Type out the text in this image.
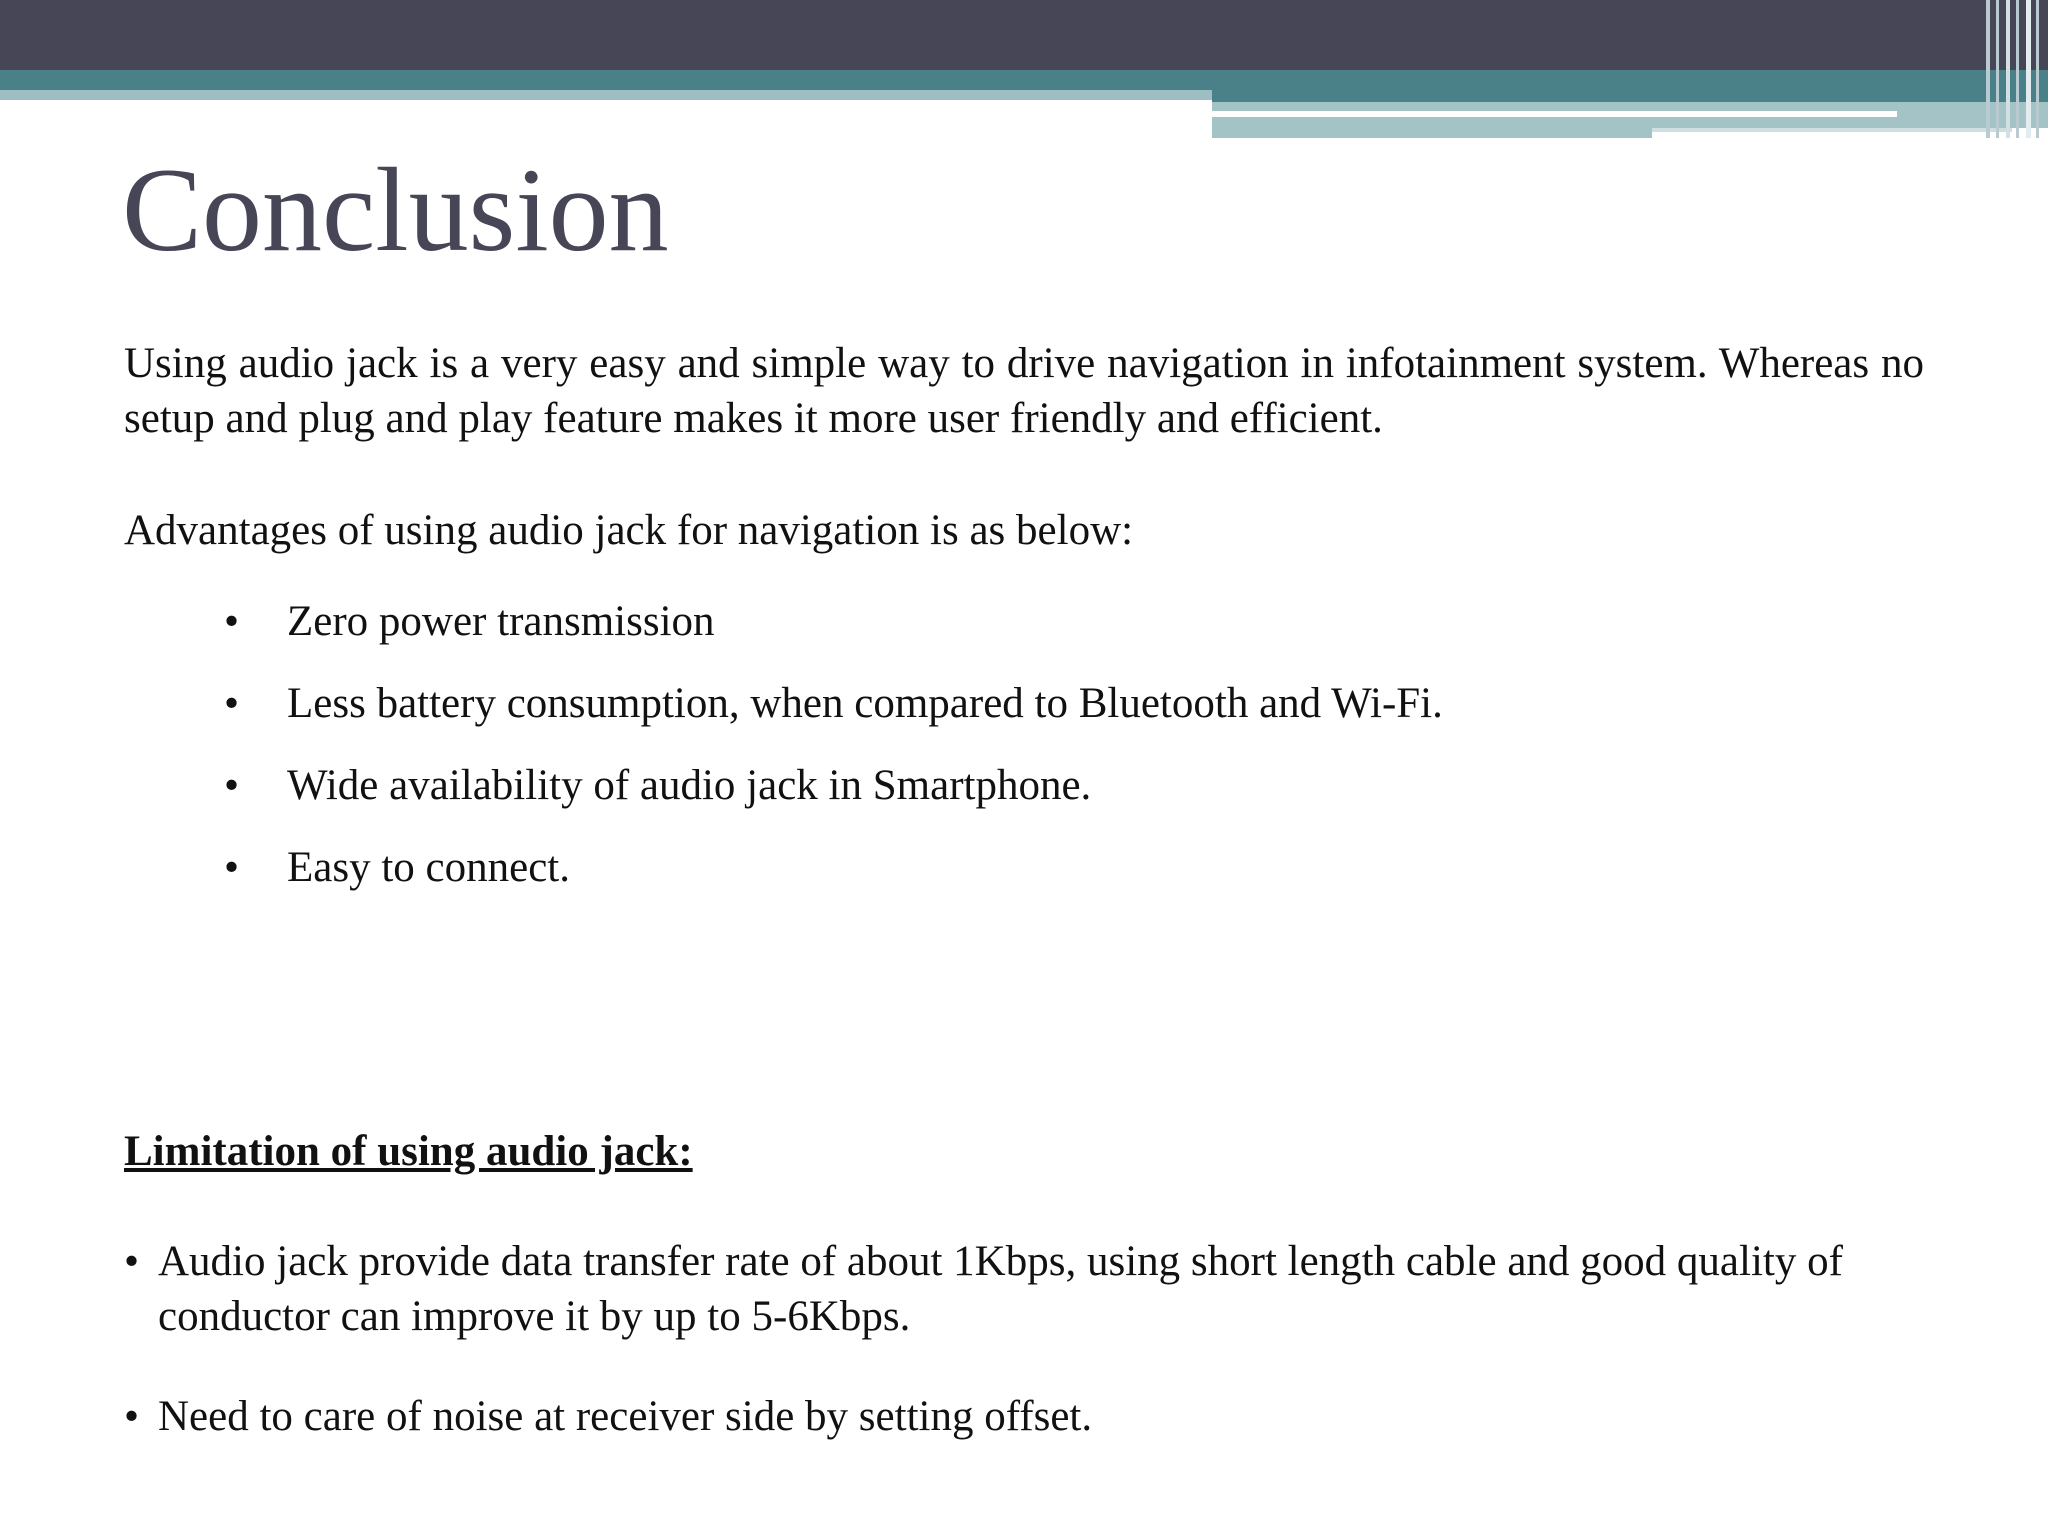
Conclusion

Using audio jack is a very easy and simple way to drive navigation in infotainment system. Whereas no setup and plug and play feature makes it more user friendly and efficient.

Advantages of using audio jack for navigation is as below:

• Zero power transmission
• Less battery consumption, when compared to Bluetooth and Wi-Fi.
• Wide availability of audio jack in Smartphone.
• Easy to connect.

Limitation of using audio jack:

• Audio jack provide data transfer rate of about 1Kbps, using short length cable and good quality of conductor can improve it by up to 5-6Kbps.
• Need to care of noise at receiver side by setting offset.
